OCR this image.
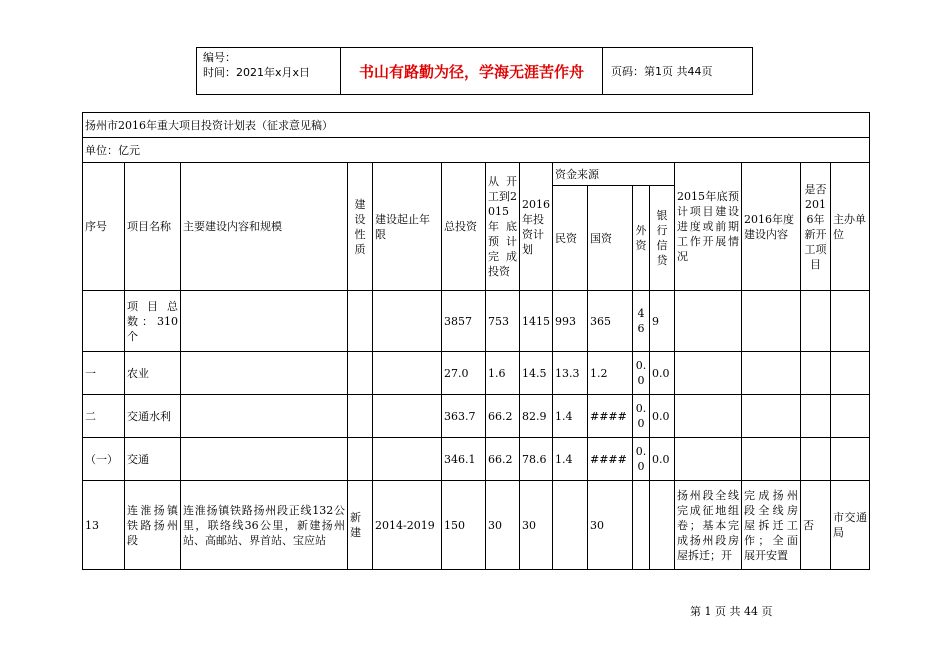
编号：
时间：2021年x月x日	书山有路勤为径，学海无涯苦作舟	页码：第1页 共44页
扬州市2016年重大项目投资计划表（征求意见稿）															
单位：亿元															
序号	项目名称	主要建设内容和规模	建设性质	建设起止年限	总投资	从开工到2015年底预计完成投资	2016年投资计划	资金来源				2015年底预计项目建设进度或前期工作开展情况	2016年度建设内容	是否2016年新开工项目	主办单位
								民资	国资	外资	银行信贷				
	项目总数：310个				3857	753	1415	993	365	46	9				
一	农业				27.0	1.6	14.5	13.3	1.2	0.0	0.0				
二	交通水利				363.7	66.2	82.9	1.4	####	0.0	0.0				
（一）	交通				346.1	66.2	78.6	1.4	####	0.0	0.0				
13	连淮扬镇铁路扬州段	连淮扬镇铁路扬州段正线132公里，联络线36公里，新建扬州站、高邮站、界首站、宝应站	新建	2014-2019	150	30	30		30			扬州段全线完成征地组卷；基本完成扬州段房屋拆迁；开	完成扬州段全线房屋拆迁工作；全面展开安置	否	市交通局
第 1 页 共 44 页
